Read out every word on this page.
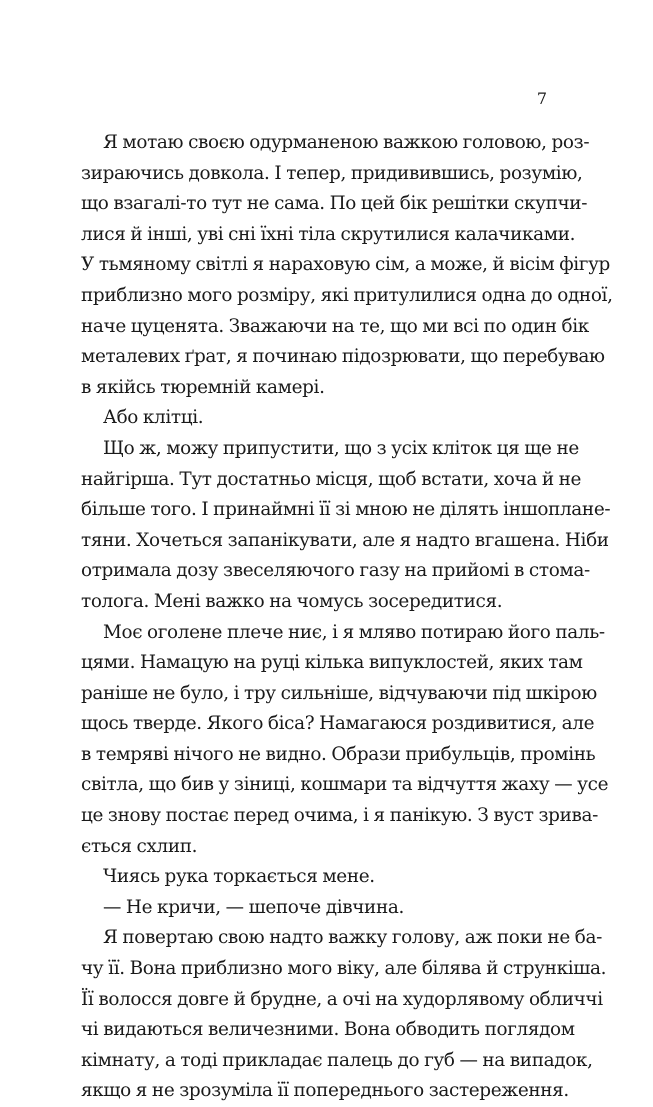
7
Я мотаю своєю одурманеною важкою головою, роз-
зираючись довкола. І тепер, придивившись, розумію,
що взагалі-то тут не сама. По цей бік решітки скупчи-
лися й інші, уві сні їхні тіла скрутилися калачиками.
У тьмяному світлі я нараховую сім, а може, й вісім фігур
приблизно мого розміру, які притулилися одна до одної,
наче цуценята. Зважаючи на те, що ми всі по один бік
металевих ґрат, я починаю підозрювати, що перебуваю
в якійсь тюремній камері.
Або клітці.
Що ж, можу припустити, що з усіх кліток ця ще не
найгірша. Тут достатньо місця, щоб встати, хоча й не
більше того. І принаймні її зі мною не ділять іншопланe-
тяни. Хочеться запанікувати, але я надто вгашена. Ніби
отримала дозу звеселяючого газу на прийомі в стома-
толога. Мені важко на чомусь зосередитися.
Моє оголене плече ниє, і я мляво потираю його паль-
цями. Намацую на руці кілька випуклостей, яких там
раніше не було, і тру сильніше, відчуваючи під шкірою
щось тверде. Якого біса? Намагаюся роздивитися, але
в темряві нічого не видно. Образи прибульців, промінь
світла, що бив у зіниці, кошмари та відчуття жаху — усе
це знову постає перед очима, і я панікую. З вуст зрива-
ється схлип.
Чиясь рука торкається мене.
— Не кричи, — шепоче дівчина.
Я повертаю свою надто важку голову, аж поки не ба-
чу її. Вона приблизно мого віку, але білява й стрункіша.
Її волосся довге й брудне, а очі на худорлявому обличчі
чі видаються величезними. Вона обводить поглядом
кімнату, а тоді прикладає палець до губ — на випадок,
якщо я не зрозуміла її попереднього застереження.
